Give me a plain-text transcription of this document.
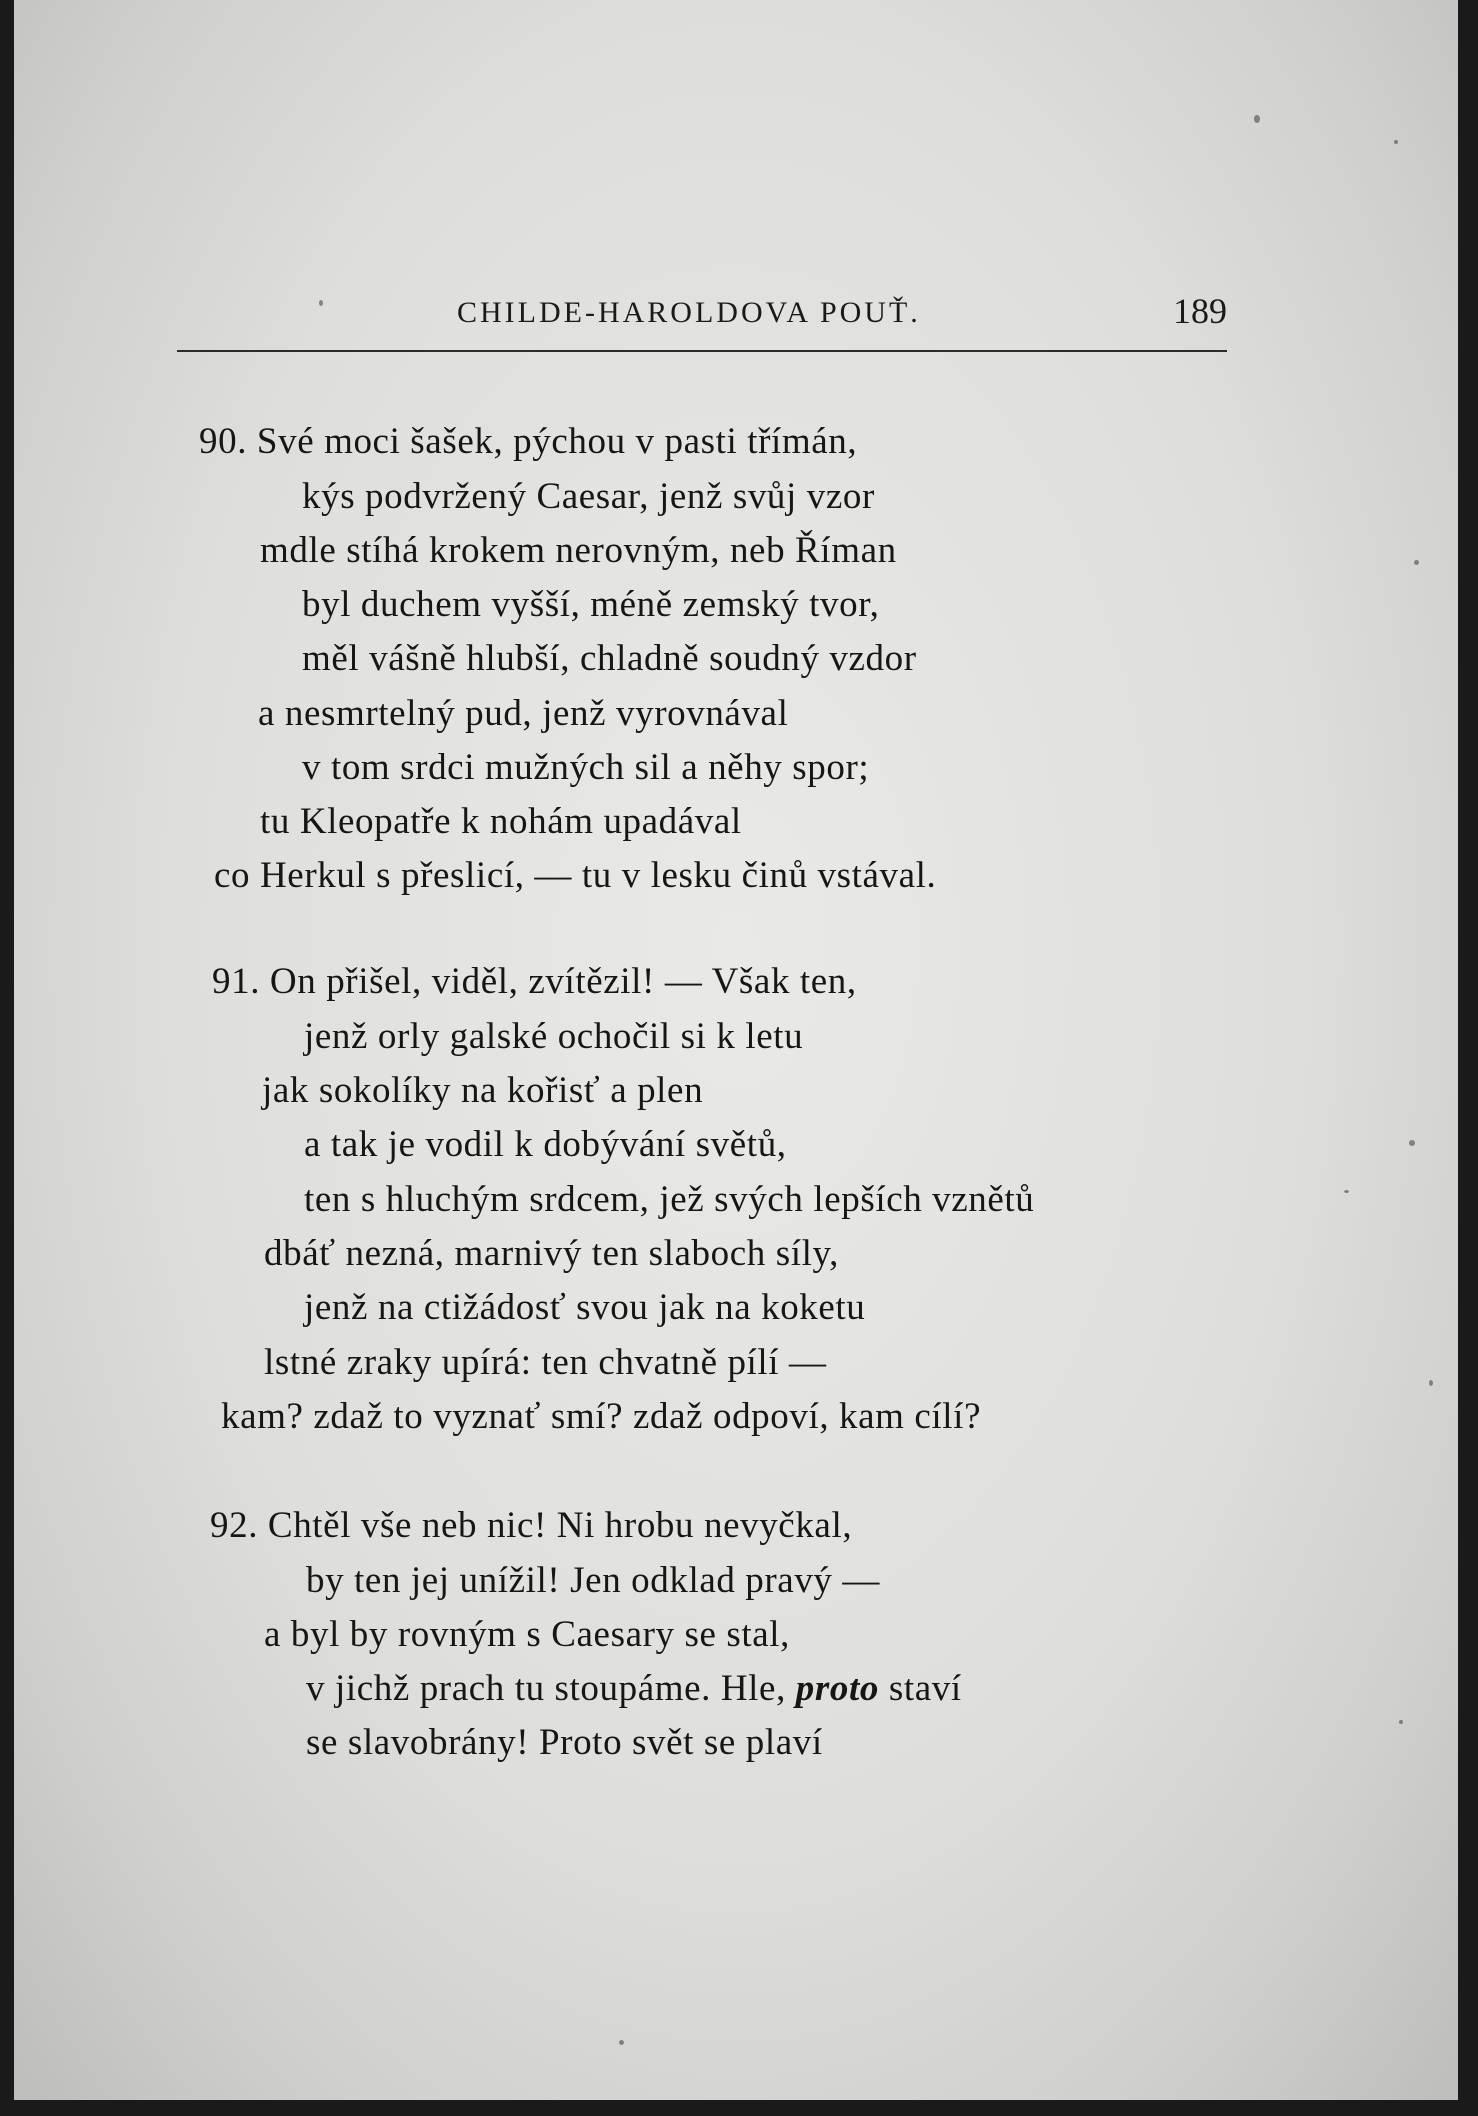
CHILDE-HAROLDOVA POUŤ.	189
90. Své moci šašek, pýchou v pasti třímán,
kýs podvržený Caesar, jenž svůj vzor
mdle stíhá krokem nerovným, neb Říman
byl duchem vyšší, méně zemský tvor,
měl vášně hlubší, chladně soudný vzdor
a nesmrtelný pud, jenž vyrovnával
v tom srdci mužných sil a něhy spor;
tu Kleopatře k nohám upadával
co Herkul s přeslicí, — tu v lesku činů vstával.
91. On přišel, viděl, zvítězil! — Však ten,
jenž orly galské ochočil si k letu
jak sokolíky na kořisť a plen
a tak je vodil k dobývání světů,
ten s hluchým srdcem, jež svých lepších vznětů
dbáť nezná, marnivý ten slaboch síly,
jenž na ctižádosť svou jak na koketu
lstné zraky upírá: ten chvatně pílí —
kam? zdaž to vyznať smí? zdaž odpoví, kam cílí?
92. Chtěl vše neb nic! Ni hrobu nevyčkal,
by ten jej unížil! Jen odklad pravý —
a byl by rovným s Caesary se stal,
v jichž prach tu stoupáme. Hle, proto staví
se slavobrány! Proto svět se plaví
